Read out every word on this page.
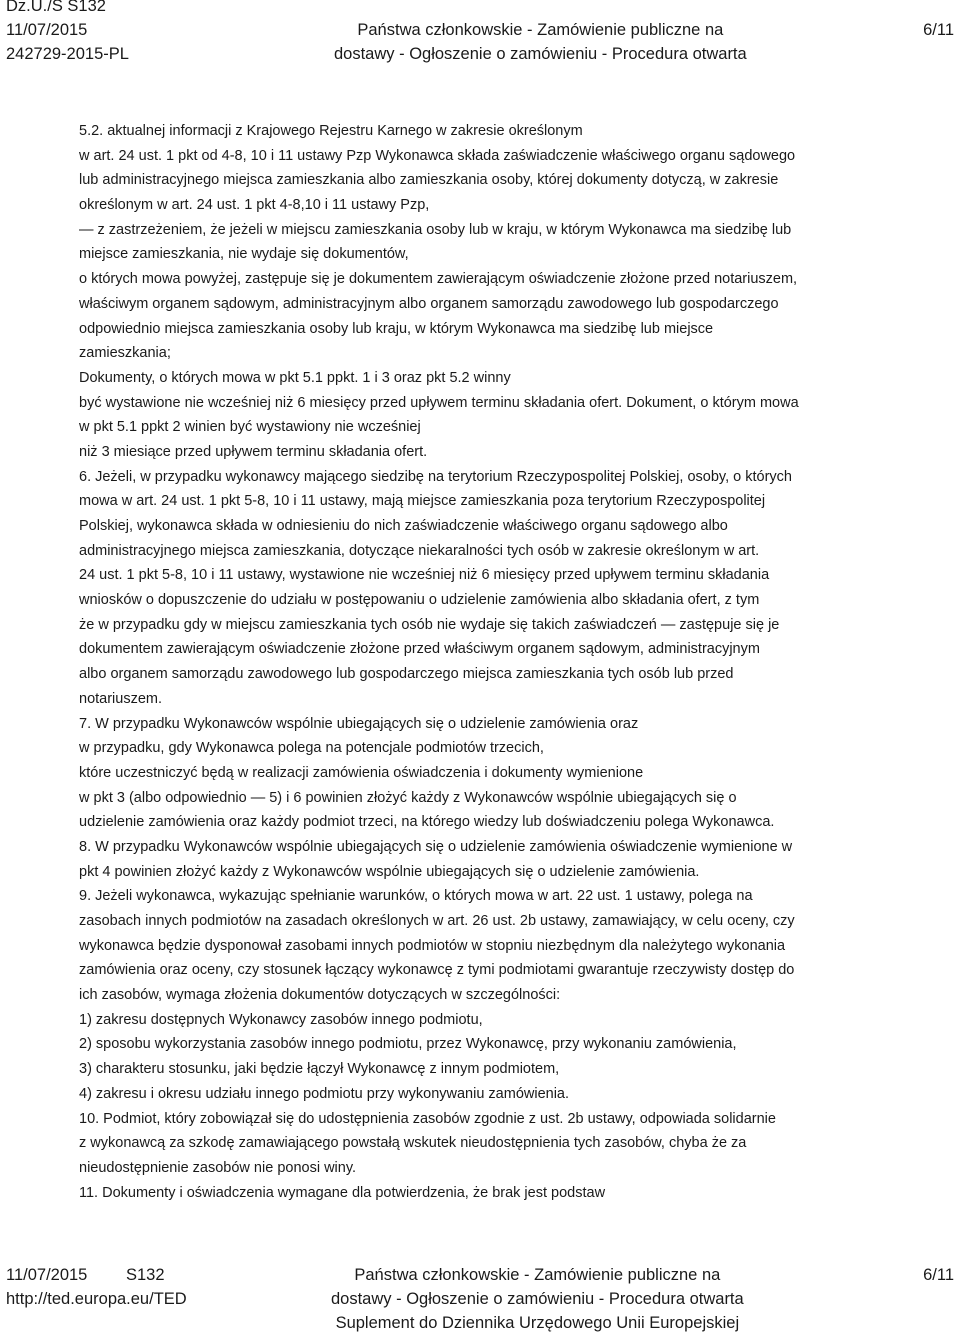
Dz.U./S S132
11/07/2015
242729-2015-PL
Państwa członkowskie - Zamówienie publiczne na
dostawy - Ogłoszenie o zamówieniu - Procedura otwarta
6/11
5.2. aktualnej informacji z Krajowego Rejestru Karnego w zakresie określonym
w art. 24 ust. 1 pkt od 4-8, 10 i 11 ustawy Pzp Wykonawca składa zaświadczenie właściwego organu sądowego
lub administracyjnego miejsca zamieszkania albo zamieszkania osoby, której dokumenty dotyczą, w zakresie
określonym w art. 24 ust. 1 pkt 4-8,10 i 11 ustawy Pzp,
— z zastrzeżeniem, że jeżeli w miejscu zamieszkania osoby lub w kraju, w którym Wykonawca ma siedzibę lub
miejsce zamieszkania, nie wydaje się dokumentów,
o których mowa powyżej, zastępuje się je dokumentem zawierającym oświadczenie złożone przed notariuszem,
właściwym organem sądowym, administracyjnym albo organem samorządu zawodowego lub gospodarczego
odpowiednio miejsca zamieszkania osoby lub kraju, w którym Wykonawca ma siedzibę lub miejsce
zamieszkania;
Dokumenty, o których mowa w pkt 5.1 ppkt. 1 i 3 oraz pkt 5.2 winny
być wystawione nie wcześniej niż 6 miesięcy przed upływem terminu składania ofert. Dokument, o którym mowa
w pkt 5.1 ppkt 2 winien być wystawiony nie wcześniej
niż 3 miesiące przed upływem terminu składania ofert.
6. Jeżeli, w przypadku wykonawcy mającego siedzibę na terytorium Rzeczypospolitej Polskiej, osoby, o których
mowa w art. 24 ust. 1 pkt 5-8, 10 i 11 ustawy, mają miejsce zamieszkania poza terytorium Rzeczypospolitej
Polskiej, wykonawca składa w odniesieniu do nich zaświadczenie właściwego organu sądowego albo
administracyjnego miejsca zamieszkania, dotyczące niekaralności tych osób w zakresie określonym w art.
24 ust. 1 pkt 5-8, 10 i 11 ustawy, wystawione nie wcześniej niż 6 miesięcy przed upływem terminu składania
wniosków o dopuszczenie do udziału w postępowaniu o udzielenie zamówienia albo składania ofert, z tym
że w przypadku gdy w miejscu zamieszkania tych osób nie wydaje się takich zaświadczeń — zastępuje się je
dokumentem zawierającym oświadczenie złożone przed właściwym organem sądowym, administracyjnym
albo organem samorządu zawodowego lub gospodarczego miejsca zamieszkania tych osób lub przed
notariuszem.
7. W przypadku Wykonawców wspólnie ubiegających się o udzielenie zamówienia oraz
w przypadku, gdy Wykonawca polega na potencjale podmiotów trzecich,
które uczestniczyć będą w realizacji zamówienia oświadczenia i dokumenty wymienione
w pkt 3 (albo odpowiednio — 5) i 6 powinien złożyć każdy z Wykonawców wspólnie ubiegających się o
udzielenie zamówienia oraz każdy podmiot trzeci, na którego wiedzy lub doświadczeniu polega Wykonawca.
8. W przypadku Wykonawców wspólnie ubiegających się o udzielenie zamówienia oświadczenie wymienione w
pkt 4 powinien złożyć każdy z Wykonawców wspólnie ubiegających się o udzielenie zamówienia.
9. Jeżeli wykonawca, wykazując spełnianie warunków, o których mowa w art. 22 ust. 1 ustawy, polega na
zasobach innych podmiotów na zasadach określonych w art. 26 ust. 2b ustawy, zamawiający, w celu oceny, czy
wykonawca będzie dysponował zasobami innych podmiotów w stopniu niezbędnym dla należytego wykonania
zamówienia oraz oceny, czy stosunek łączący wykonawcę z tymi podmiotami gwarantuje rzeczywisty dostęp do
ich zasobów, wymaga złożenia dokumentów dotyczących w szczególności:
1) zakresu dostępnych Wykonawcy zasobów innego podmiotu,
2) sposobu wykorzystania zasobów innego podmiotu, przez Wykonawcę, przy wykonaniu zamówienia,
3) charakteru stosunku, jaki będzie łączył Wykonawcę z innym podmiotem,
4) zakresu i okresu udziału innego podmiotu przy wykonywaniu zamówienia.
10. Podmiot, który zobowiązał się do udostępnienia zasobów zgodnie z ust. 2b ustawy, odpowiada solidarnie
z wykonawcą za szkodę zamawiającego powstałą wskutek nieudostępnienia tych zasobów, chyba że za
nieudostępnienie zasobów nie ponosi winy.
11. Dokumenty i oświadczenia wymagane dla potwierdzenia, że brak jest podstaw
11/07/2015	S132
http://ted.europa.eu/TED
Państwa członkowskie - Zamówienie publiczne na
dostawy - Ogłoszenie o zamówieniu - Procedura otwarta
Suplement do Dziennika Urzędowego Unii Europejskiej
6/11
